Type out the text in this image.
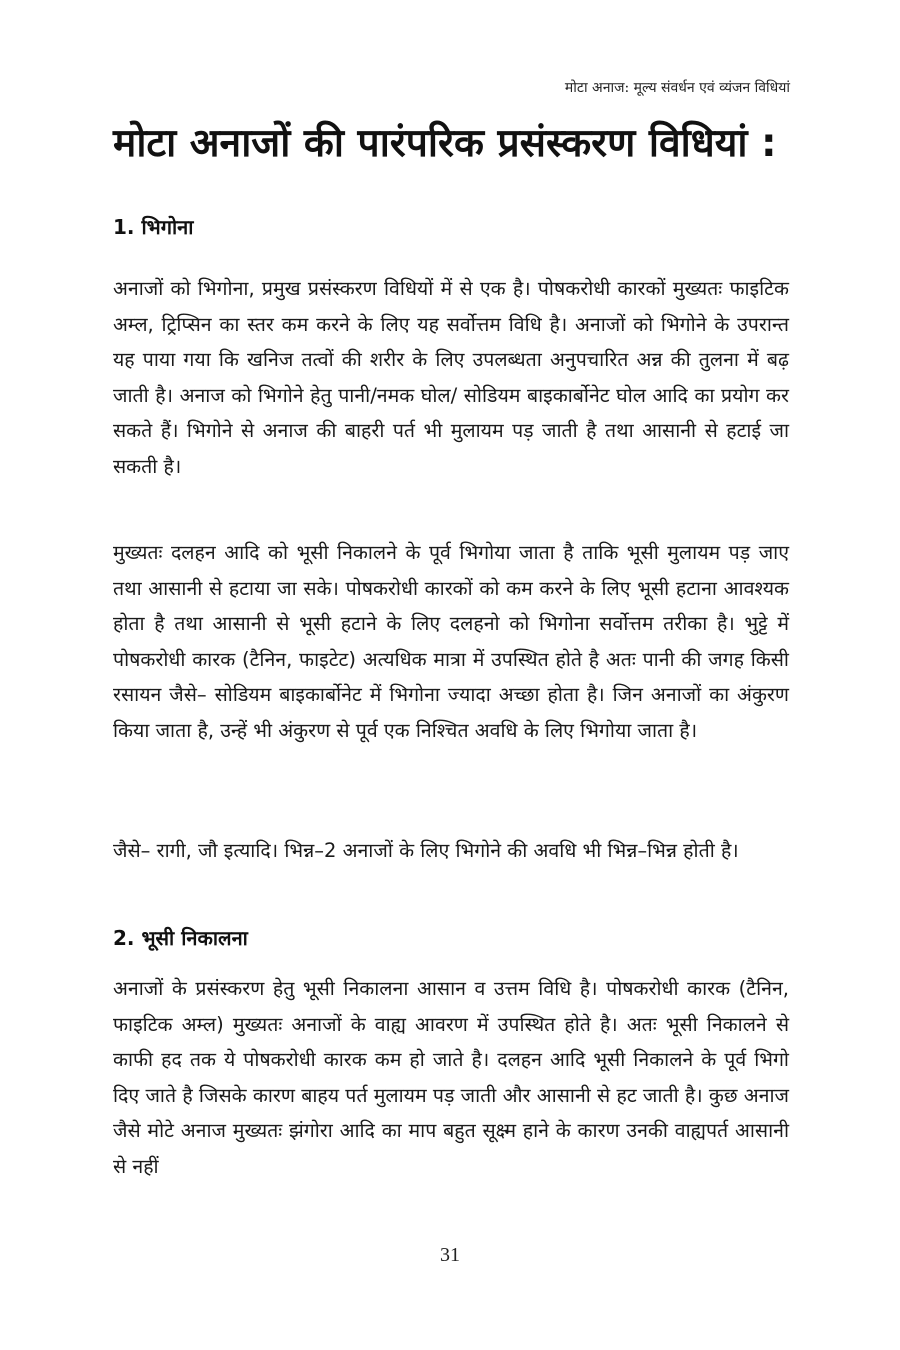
मोटा अनाज: मूल्य संवर्धन एवं व्यंजन विधियां
मोटा अनाजों की पारंपरिक प्रसंस्करण विधियां :
1. भिगोना

अनाजों को भिगोना, प्रमुख प्रसंस्करण विधियों में से एक है। पोषकरोधी कारकों मुख्यतः फाइटिक अम्ल, ट्रिप्सिन का स्तर कम करने के लिए यह सर्वोत्तम विधि है। अनाजों को भिगोने के उपरान्त यह पाया गया कि खनिज तत्वों की शरीर के लिए उपलब्धता अनुपचारित अन्न की तुलना में बढ़ जाती है। अनाज को भिगोने हेतु पानी/नमक घोल/ सोडियम बाइकार्बोनेट घोल आदि का प्रयोग कर सकते हैं। भिगोने से अनाज की बाहरी पर्त भी मुलायम पड़ जाती है तथा आसानी से हटाई जा सकती है।

मुख्यतः दलहन आदि को भूसी निकालने के पूर्व भिगोया जाता है ताकि भूसी मुलायम पड़ जाए तथा आसानी से हटाया जा सके। पोषकरोधी कारकों को कम करने के लिए भूसी हटाना आवश्यक होता है तथा आसानी से भूसी हटाने के लिए दलहनो को भिगोना सर्वोत्तम तरीका है। भुट्टे में पोषकरोधी कारक (टैनिन, फाइटेट) अत्यधिक मात्रा में उपस्थित होते है अतः पानी की जगह किसी रसायन जैसे– सोडियम बाइकार्बोनेट में भिगोना ज्यादा अच्छा होता है। जिन अनाजों का अंकुरण किया जाता है, उन्हें भी अंकुरण से पूर्व एक निश्चित अवधि के लिए भिगोया जाता है।

जैसे– रागी, जौ इत्यादि। भिन्न–2 अनाजों के लिए भिगोने की अवधि भी भिन्न–भिन्न होती है।

2. भूसी निकालना

अनाजों के प्रसंस्करण हेतु भूसी निकालना आसान व उत्तम विधि है। पोषकरोधी कारक (टैनिन, फाइटिक अम्ल) मुख्यतः अनाजों के वाह्य आवरण में उपस्थित होते है। अतः भूसी निकालने से काफी हद तक ये पोषकरोधी कारक कम हो जाते है। दलहन आदि भूसी निकालने के पूर्व भिगो दिए जाते है जिसके कारण बाहय पर्त मुलायम पड़ जाती और आसानी से हट जाती है। कुछ अनाज जैसे मोटे अनाज मुख्यतः झंगोरा आदि का माप बहुत सूक्ष्म हाने के कारण उनकी वाह्यपर्त आसानी से नहीं

31
